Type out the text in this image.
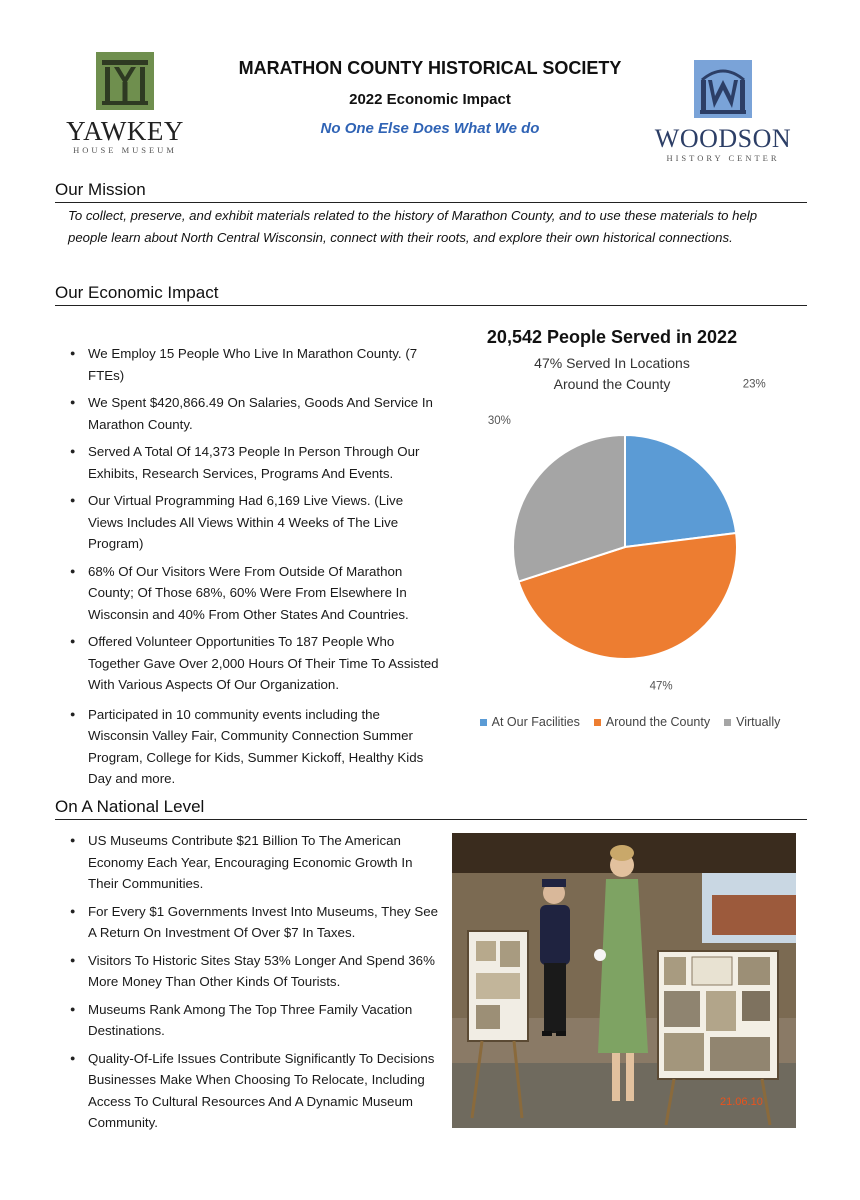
YAWKEY
HOUSE MUSEUM
MARATHON COUNTY HISTORICAL SOCIETY
2022 Economic Impact
No One Else Does What We do	WOODSON
HISTORY CENTER
Our Mission
To collect, preserve, and exhibit materials related to the history of Marathon County, and to use these materials to help people learn about North Central Wisconsin, connect with their roots, and explore their own historical connections.
Our Economic Impact
● We Employ 15 People Who Live In Marathon County. (7 FTEs)
● We Spent $420,866.49 On Salaries, Goods And Service In Marathon County.
● Served A Total Of 14,373 People In Person Through Our Exhibits, Research Services, Programs And Events.
● Our Virtual Programming Had 6,169 Live Views. (Live Views Includes All Views Within 4 Weeks of The Live Program)
● 68% Of Our Visitors Were From Outside Of Marathon County; Of Those 68%, 60% Were From Elsewhere In Wisconsin and 40% From Other States And Countries.
● Offered Volunteer Opportunities To 187 People Who Together Gave Over 2,000 Hours Of Their Time To Assisted With Various Aspects Of Our Organization.
● Participated in 10 community events including the Wisconsin Valley Fair, Community Connection Summer Program, College for Kids, Summer Kickoff, Healthy Kids Day and more.
20,542 People Served in 2022
47% Served In Locations
Around the County	23%
47%
30%
At Our Facilities Around the County Virtually
On A National Level
● US Museums Contribute $21 Billion To The American Economy Each Year, Encouraging Economic Growth In Their Communities.
● For Every $1 Governments Invest Into Museums, They See A Return On Investment Of Over $7 In Taxes.
● Visitors To Historic Sites Stay 53% Longer And Spend 36% More Money Than Other Kinds Of Tourists.
● Museums Rank Among The Top Three Family Vacation Destinations.
● Quality-Of-Life Issues Contribute Significantly To Decisions Businesses Make When Choosing To Relocate, Including Access To Cultural Resources And A Dynamic Museum Community.
21.06.10
